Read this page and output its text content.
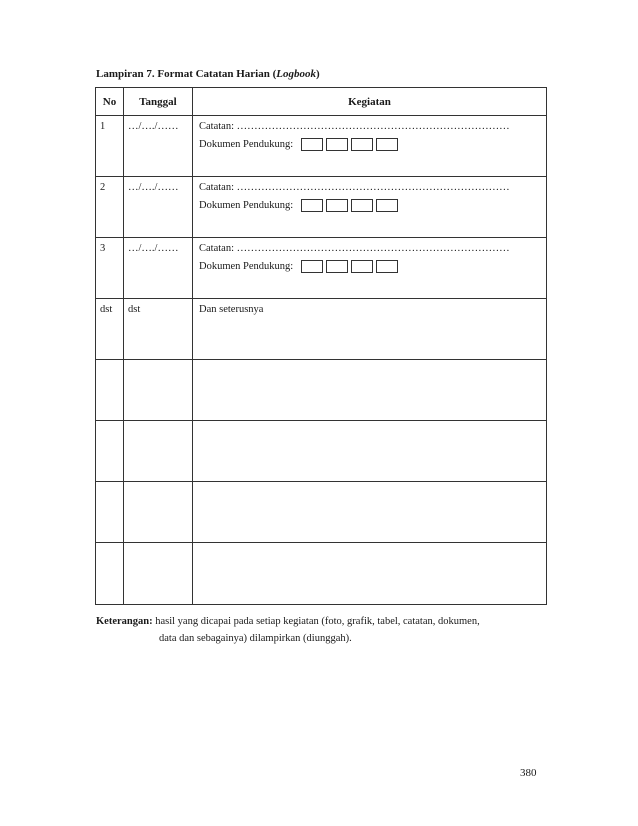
Lampiran 7. Format Catatan Harian (Logbook)
No	Tanggal	Kegiatan

1	…/…./……	Catatan: ……………………………………………………………………
Dokumen Pendukung:

2	…/…./……	Catatan: ……………………………………………………………………
Dokumen Pendukung:

3	…/…./……	Catatan: ……………………………………………………………………
Dokumen Pendukung:

dst	dst	Dan seterusnya

Keterangan: hasil yang dicapai pada setiap kegiatan (foto, grafik, tabel, catatan, dokumen,
data dan sebagainya) dilampirkan (diunggah).
380
